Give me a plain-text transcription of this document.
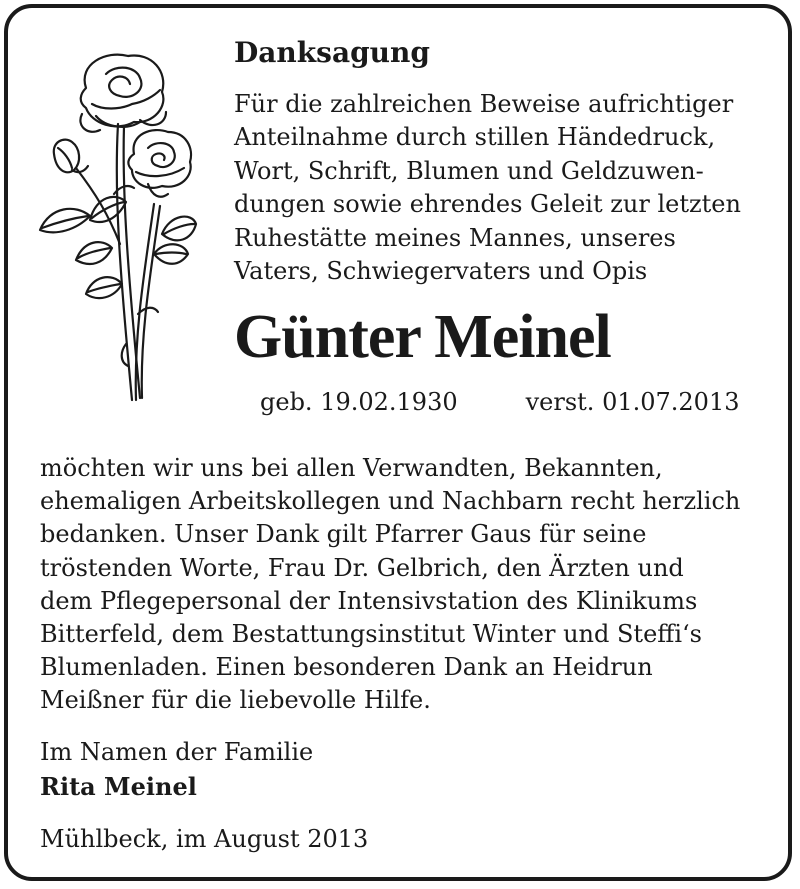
Danksagung
Für die zahlreichen Beweise aufrichtiger
Anteilnahme durch stillen Händedruck,
Wort, Schrift, Blumen und Geldzuwen-
dungen sowie ehrendes Geleit zur letzten
Ruhestätte meines Mannes, unseres
Vaters, Schwiegervaters und Opis
Günter Meinel
geb. 19.02.1930	verst. 01.07.2013
möchten wir uns bei allen Verwandten, Bekannten,
ehemaligen Arbeitskollegen und Nachbarn recht herzlich
bedanken. Unser Dank gilt Pfarrer Gaus für seine
tröstenden Worte, Frau Dr. Gelbrich, den Ärzten und
dem Pflegepersonal der Intensivstation des Klinikums
Bitterfeld, dem Bestattungsinstitut Winter und Steffi‘s
Blumenladen. Einen besonderen Dank an Heidrun
Meißner für die liebevolle Hilfe.
Im Namen der Familie
Rita Meinel
Mühlbeck, im August 2013
